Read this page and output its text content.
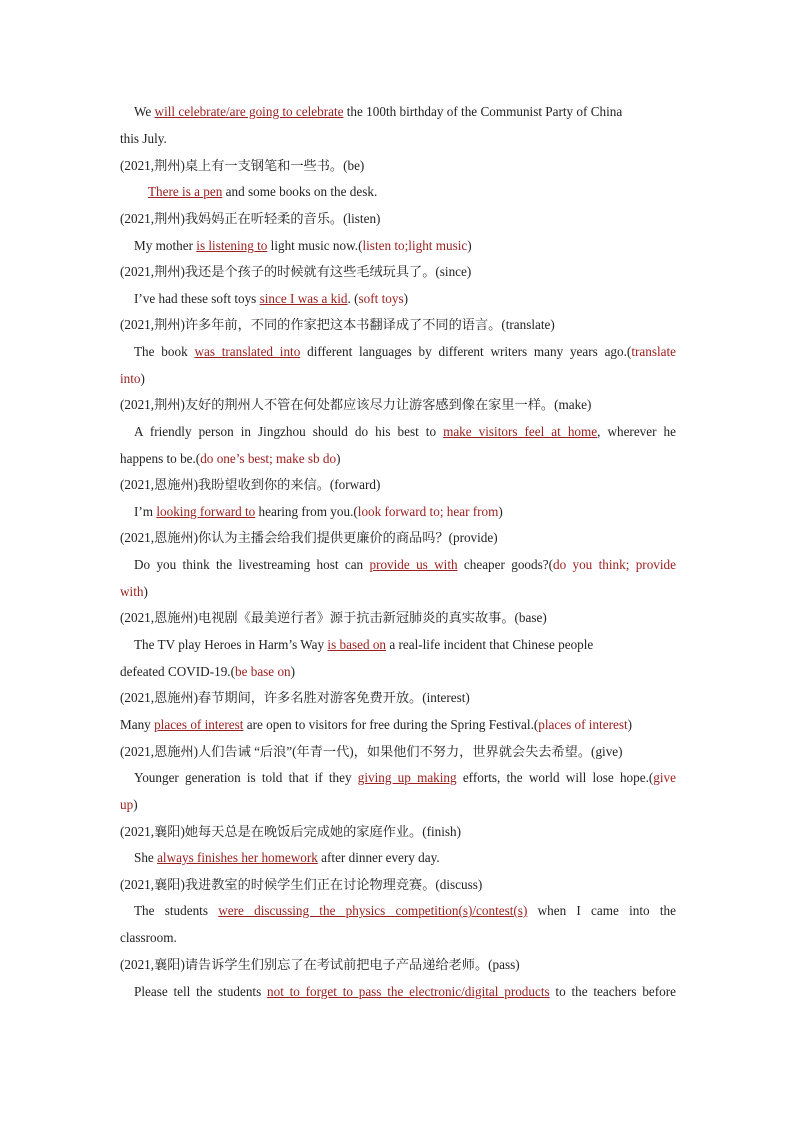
We will celebrate/are going to celebrate the 100th birthday of the Communist Party of China
this July.
(2021,荆州)桌上有一支钢笔和一些书。(be)
There is a pen and some books on the desk.
(2021,荆州)我妈妈正在听轻柔的音乐。(listen)
My mother is listening to light music now.(listen to;light music)
(2021,荆州)我还是个孩子的时候就有这些毛绒玩具了。(since)
I’ve had these soft toys since I was a kid. (soft toys)
(2021,荆州)许多年前，不同的作家把这本书翻译成了不同的语言。(translate)
The book was translated into different languages by different writers many years ago.(translate
into)
(2021,荆州)友好的荆州人不管在何处都应该尽力让游客感到像在家里一样。(make)
A friendly person in Jingzhou should do his best to make visitors feel at home, wherever he
happens to be.(do one’s best; make sb do)
(2021,恩施州)我盼望收到你的来信。(forward)
I’m looking forward to hearing from you.(look forward to; hear from)
(2021,恩施州)你认为主播会给我们提供更廉价的商品吗？(provide)
Do you think the livestreaming host can provide us with cheaper goods?(do you think; provide
with)
(2021,恩施州)电视剧《最美逆行者》源于抗击新冠肺炎的真实故事。(base)
The TV play Heroes in Harm’s Way is based on a real-life incident that Chinese people
defeated COVID-19.(be base on)
(2021,恩施州)春节期间，许多名胜对游客免费开放。(interest)
Many places of interest are open to visitors for free during the Spring Festival.(places of interest)
(2021,恩施州)人们告诫 “后浪”(年青一代)，如果他们不努力，世界就会失去希望。(give)
Younger generation is told that if they giving up making efforts, the world will lose hope.(give
up)
(2021,襄阳)她每天总是在晚饭后完成她的家庭作业。(finish)
She always finishes her homework after dinner every day.
(2021,襄阳)我进教室的时候学生们正在讨论物理竞赛。(discuss)
The students were discussing the physics competition(s)/contest(s) when I came into the
classroom.
(2021,襄阳)请告诉学生们别忘了在考试前把电子产品递给老师。(pass)
Please tell the students not to forget to pass the electronic/digital products to the teachers before
